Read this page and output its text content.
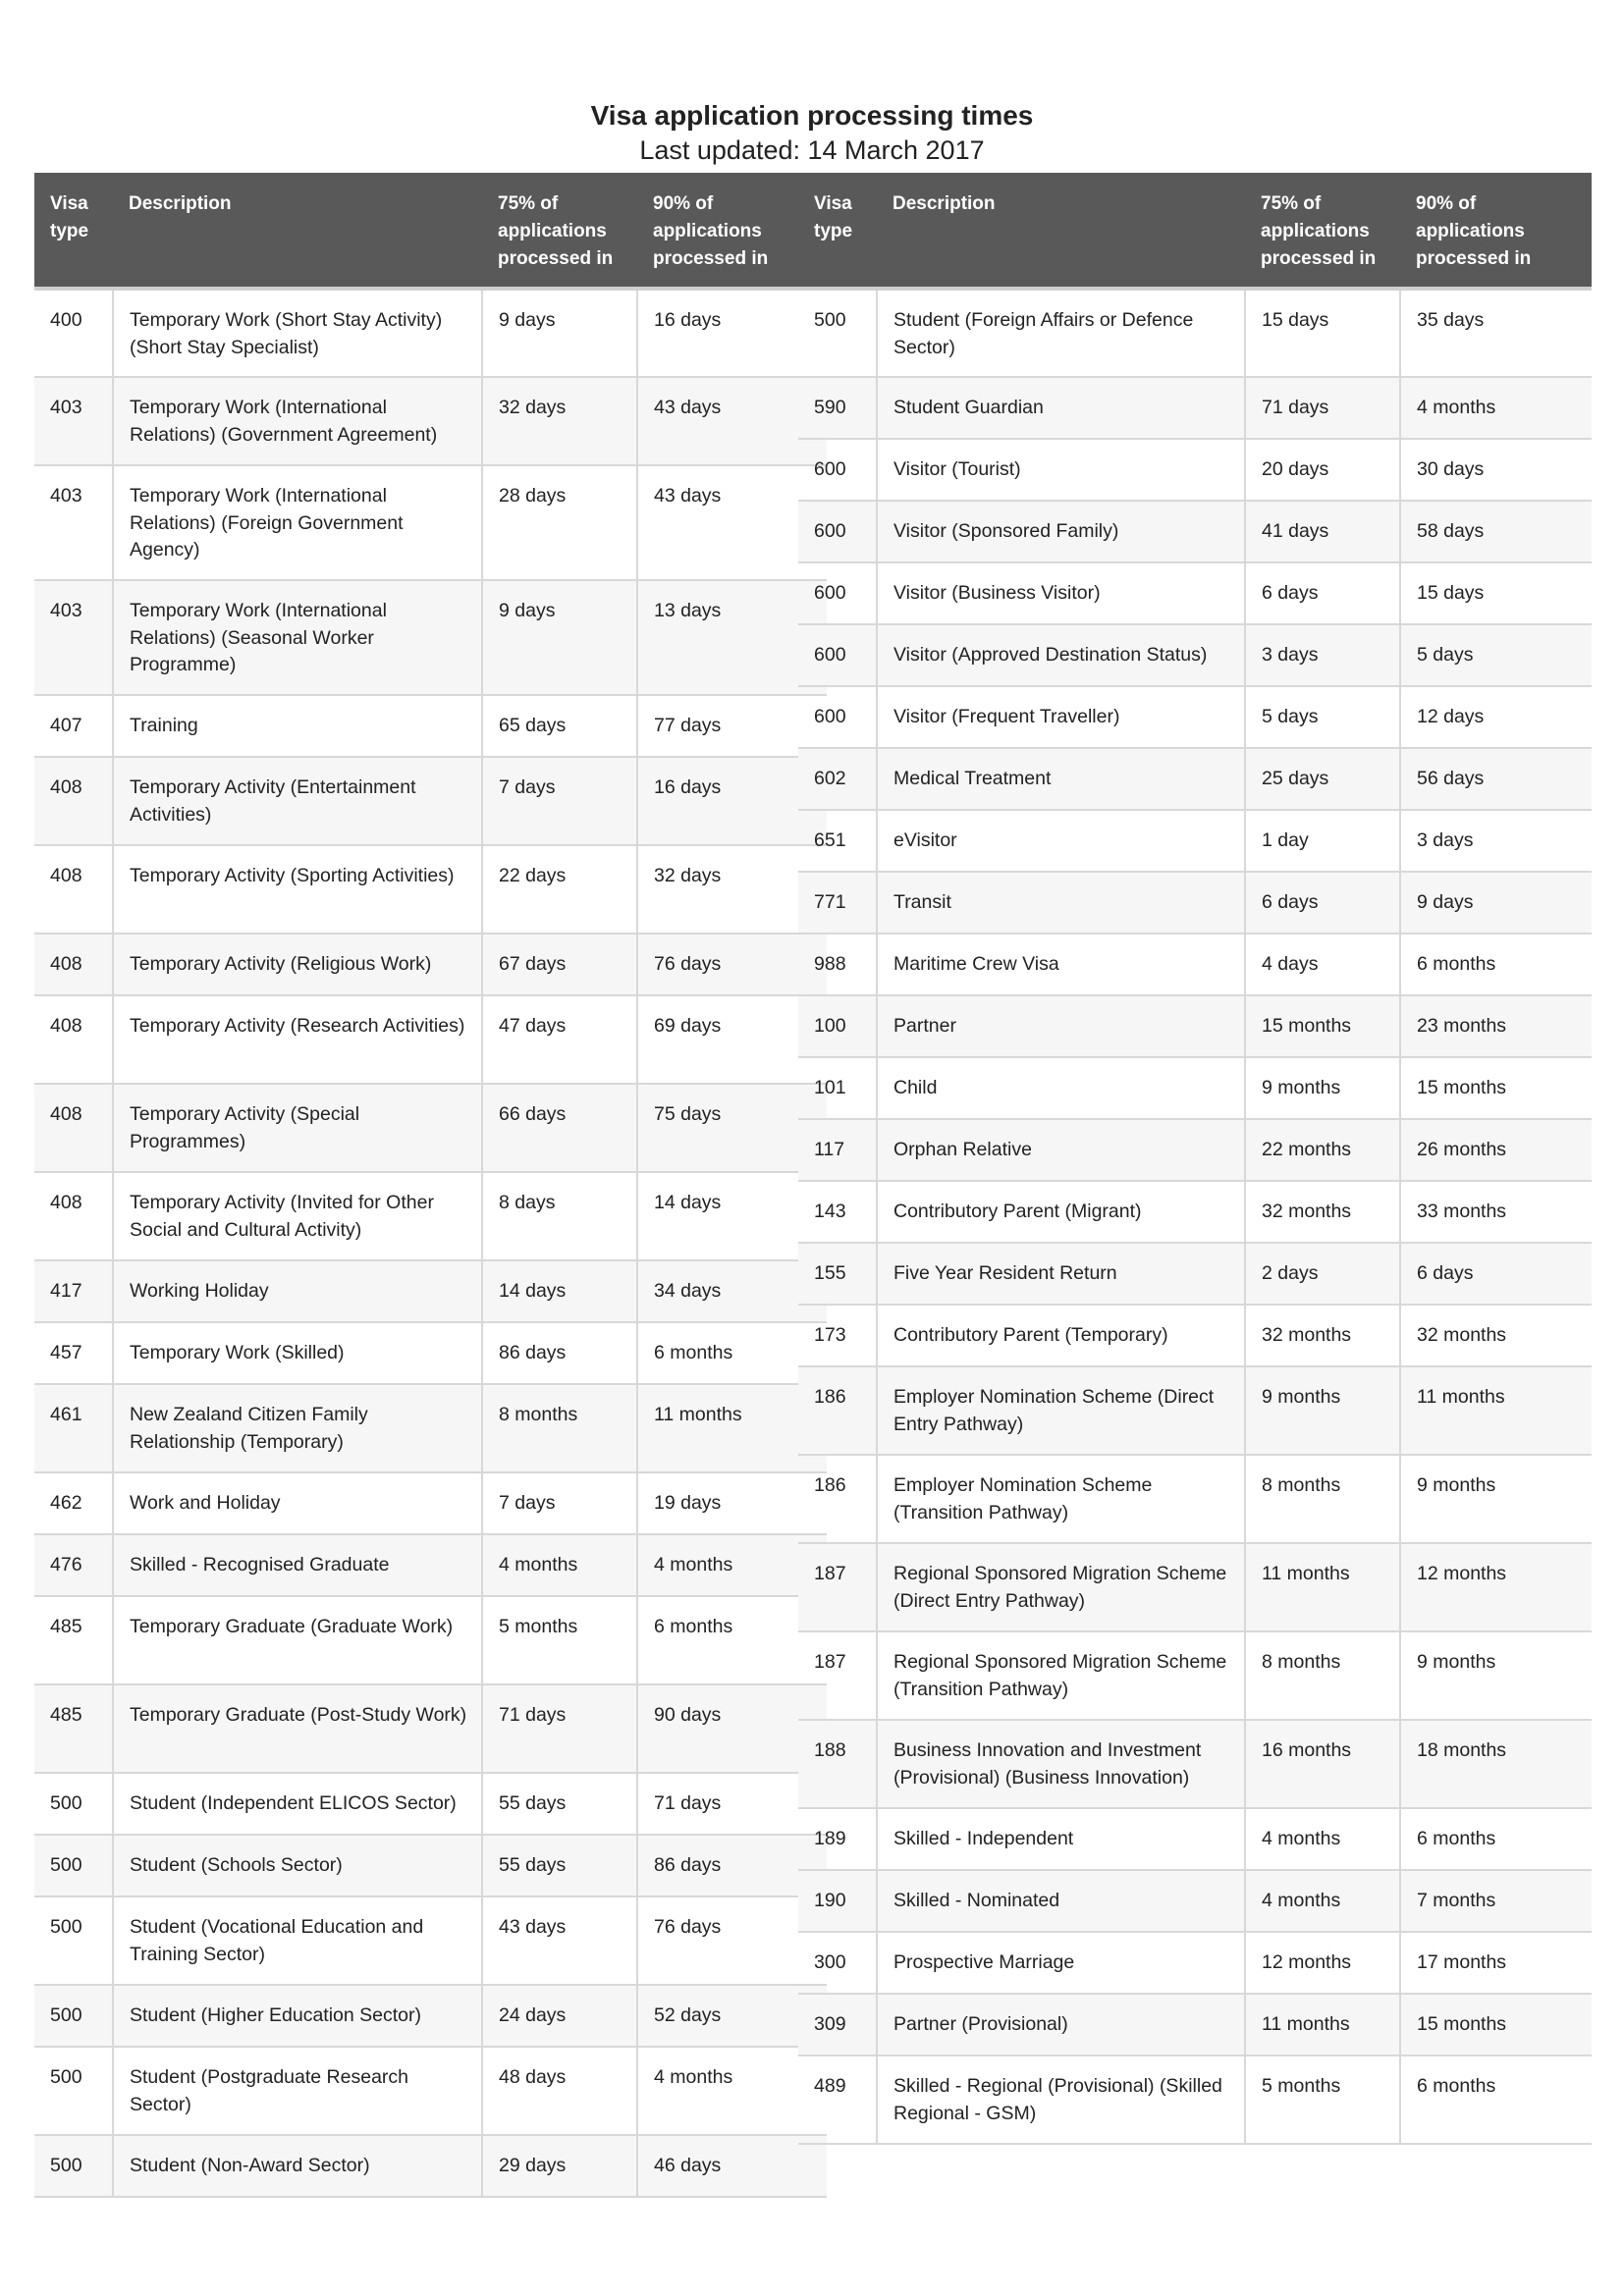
Visa application processing times
Last updated: 14 March 2017
Visa type	Description	75% of applications processed in	90% of applications processed in
400	Temporary Work (Short Stay Activity) (Short Stay Specialist)	9 days	16 days
403	Temporary Work (International Relations) (Government Agreement)	32 days	43 days
403	Temporary Work (International Relations) (Foreign Government Agency)	28 days	43 days
403	Temporary Work (International Relations) (Seasonal Worker Programme)	9 days	13 days
407	Training	65 days	77 days
408	Temporary Activity (Entertainment Activities)	7 days	16 days
408	Temporary Activity (Sporting Activities)	22 days	32 days
408	Temporary Activity (Religious Work)	67 days	76 days
408	Temporary Activity (Research Activities)	47 days	69 days
408	Temporary Activity (Special Programmes)	66 days	75 days
408	Temporary Activity (Invited for Other Social and Cultural Activity)	8 days	14 days
417	Working Holiday	14 days	34 days
457	Temporary Work (Skilled)	86 days	6 months
461	New Zealand Citizen Family Relationship (Temporary)	8 months	11 months
462	Work and Holiday	7 days	19 days
476	Skilled - Recognised Graduate	4 months	4 months
485	Temporary Graduate (Graduate Work)	5 months	6 months
485	Temporary Graduate (Post-Study Work)	71 days	90 days
500	Student (Independent ELICOS Sector)	55 days	71 days
500	Student (Schools Sector)	55 days	86 days
500	Student (Vocational Education and Training Sector)	43 days	76 days
500	Student (Higher Education Sector)	24 days	52 days
500	Student (Postgraduate Research Sector)	48 days	4 months
500	Student (Non-Award Sector)	29 days	46 days
Visa type	Description	75% of applications processed in	90% of applications processed in
500	Student (Foreign Affairs or Defence Sector)	15 days	35 days
590	Student Guardian	71 days	4 months
600	Visitor (Tourist)	20 days	30 days
600	Visitor (Sponsored Family)	41 days	58 days
600	Visitor (Business Visitor)	6 days	15 days
600	Visitor (Approved Destination Status)	3 days	5 days
600	Visitor (Frequent Traveller)	5 days	12 days
602	Medical Treatment	25 days	56 days
651	eVisitor	1 day	3 days
771	Transit	6 days	9 days
988	Maritime Crew Visa	4 days	6 months
100	Partner	15 months	23 months
101	Child	9 months	15 months
117	Orphan Relative	22 months	26 months
143	Contributory Parent (Migrant)	32 months	33 months
155	Five Year Resident Return	2 days	6 days
173	Contributory Parent (Temporary)	32 months	32 months
186	Employer Nomination Scheme (Direct Entry Pathway)	9 months	11 months
186	Employer Nomination Scheme (Transition Pathway)	8 months	9 months
187	Regional Sponsored Migration Scheme (Direct Entry Pathway)	11 months	12 months
187	Regional Sponsored Migration Scheme (Transition Pathway)	8 months	9 months
188	Business Innovation and Investment (Provisional) (Business Innovation)	16 months	18 months
189	Skilled - Independent	4 months	6 months
190	Skilled - Nominated	4 months	7 months
300	Prospective Marriage	12 months	17 months
309	Partner (Provisional)	11 months	15 months
489	Skilled - Regional (Provisional) (Skilled Regional - GSM)	5 months	6 months
